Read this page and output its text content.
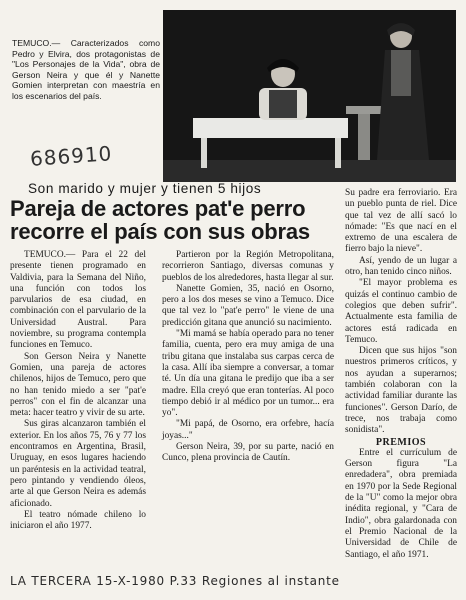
TEMUCO.— Caracterizados como Pedro y Elvira, dos protagonistas de "Los Personajes de la Vida", obra de Gerson Neira y que él y Nanette Gomien interpretan con maestría en los escenarios del país.
686910
Son marido y mujer y tienen 5 hijos
Pareja de actores pat'e perro
recorre el país con sus obras

TEMUCO.— Para el 22 del presente tienen programado en Valdivia, para la Semana del Niño, una función con todos los parvularios de esa ciudad, en combinación con el parvulario de la Universidad Austral. Para noviembre, su programa contempla funciones en Temuco.

Son Gerson Neira y Nanette Gomien, una pareja de actores chilenos, hijos de Temuco, pero que no han tenido miedo a ser "pat'e perros" con el fin de alcanzar una meta: hacer teatro y vivir de su arte.

Sus giras alcanzaron también el exterior. En los años 75, 76 y 77 los encontramos en Argentina, Brasil, Uruguay, en esos lugares haciendo un paréntesis en la actividad teatral, pero pintando y vendiendo óleos, arte al que Gerson Neira es además aficionado.

El teatro nómade chileno lo iniciaron el año 1977.

Partieron por la Región Metropolitana, recorrieron Santiago, diversas comunas y pueblos de los alrededores, hasta llegar al sur.

Nanette Gomien, 35, nació en Osorno, pero a los dos meses se vino a Temuco. Dice que tal vez lo "pat'e perro" le viene de una predicción gitana que anunció su nacimiento.

"Mi mamá se había operado para no tener familia, cuenta, pero era muy amiga de una tribu gitana que instalaba sus carpas cerca de la casa. Allí iba siempre a conversar, a tomar té. Un día una gitana le predijo que iba a ser madre. Ella creyó que eran tonterías. Al poco tiempo debió ir al médico por un tumor... era yo".

"Mi papá, de Osorno, era orfebre, hacía joyas..."

Gerson Neira, 39, por su parte, nació en Cunco, plena provincia de Cautín.

Su padre era ferroviario. Era un pueblo punta de riel. Dice que tal vez de allí sacó lo nómade: "Es que nací en el extremo de una escalera de fierro bajo la nieve".

Así, yendo de un lugar a otro, han tenido cinco niños.

"El mayor problema es quizás el continuo cambio de colegios que deben sufrir". Actualmente esta familia de actores está radicada en Temuco.

Dicen que sus hijos "son nuestros primeros críticos, y nos ayudan a superarnos; también colaboran con la actividad familiar durante las funciones". Gerson Darío, de trece, nos trabaja como sonidista".

PREMIOS

Entre el currículum de Gerson figura "La enredadera", obra premiada en 1970 por la Sede Regional de la "U" como la mejor obra inédita regional, y "Cara de Indio", obra galardonada con el Premio Nacional de la Universidad de Chile de Santiago, el año 1971.

LA TERCERA 15-X-1980 P.33 Regiones al instante
